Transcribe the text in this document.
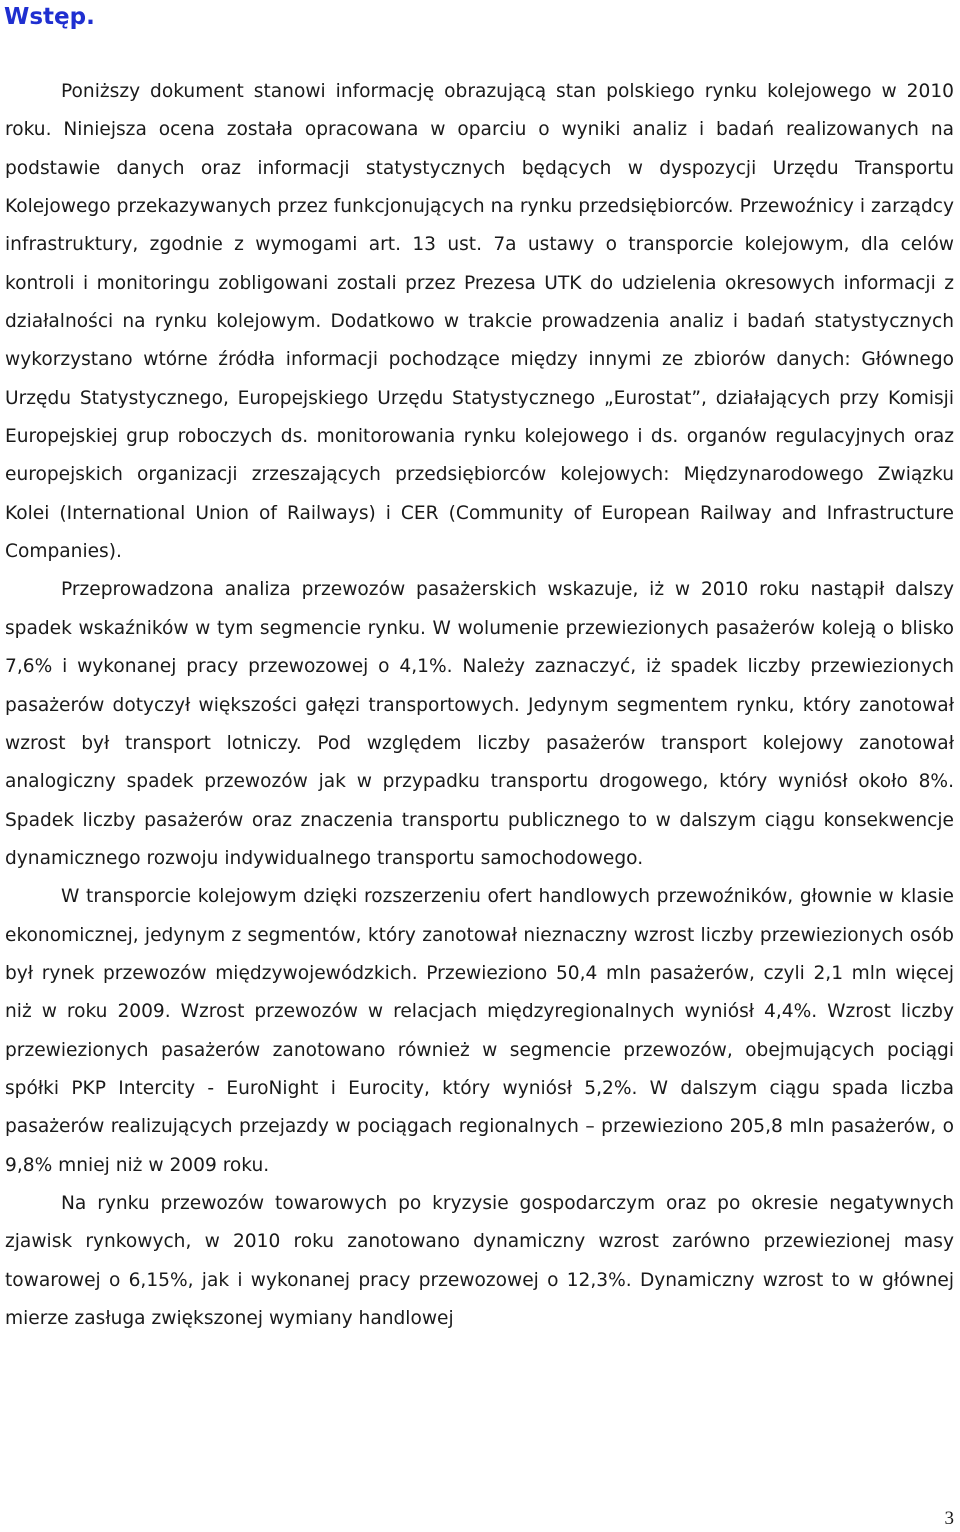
Wstęp.

Poniższy dokument stanowi informację obrazującą stan polskiego rynku kolejowego w 2010 roku. Niniejsza ocena została opracowana w oparciu o wyniki analiz i badań realizowanych na podstawie danych oraz informacji statystycznych będących w dyspozycji Urzędu Transportu Kolejowego przekazywanych przez funkcjonujących na rynku przedsiębiorców. Przewoźnicy i zarządcy infrastruktury, zgodnie z wymogami art. 13 ust. 7a ustawy o transporcie kolejowym, dla celów kontroli i monitoringu zobligowani zostali przez Prezesa UTK do udzielenia okresowych informacji z działalności na rynku kolejowym. Dodatkowo w trakcie prowadzenia analiz i badań statystycznych wykorzystano wtórne źródła informacji pochodzące między innymi ze zbiorów danych: Głównego Urzędu Statystycznego, Europejskiego Urzędu Statystycznego „Eurostat”, działających przy Komisji Europejskiej grup roboczych ds. monitorowania rynku kolejowego i ds. organów regulacyjnych oraz europejskich organizacji zrzeszających przedsiębiorców kolejowych: Międzynarodowego Związku Kolei (International Union of Railways) i CER (Community of European Railway and Infrastructure Companies).

Przeprowadzona analiza przewozów pasażerskich wskazuje, iż w 2010 roku nastąpił dalszy spadek wskaźników w tym segmencie rynku. W wolumenie przewiezionych pasażerów koleją o blisko 7,6% i wykonanej pracy przewozowej o 4,1%. Należy zaznaczyć, iż spadek liczby przewiezionych pasażerów dotyczył większości gałęzi transportowych. Jedynym segmentem rynku, który zanotował wzrost był transport lotniczy. Pod względem liczby pasażerów transport kolejowy zanotował analogiczny spadek przewozów jak w przypadku transportu drogowego, który wyniósł około 8%. Spadek liczby pasażerów oraz znaczenia transportu publicznego to w dalszym ciągu konsekwencje dynamicznego rozwoju indywidualnego transportu samochodowego.

W transporcie kolejowym dzięki rozszerzeniu ofert handlowych przewoźników, głownie w klasie ekonomicznej, jedynym z segmentów, który zanotował nieznaczny wzrost liczby przewiezionych osób był rynek przewozów międzywojewódzkich. Przewieziono 50,4 mln pasażerów, czyli 2,1 mln więcej niż w roku 2009. Wzrost przewozów w relacjach międzyregionalnych wyniósł 4,4%. Wzrost liczby przewiezionych pasażerów zanotowano również w segmencie przewozów, obejmujących pociągi spółki PKP Intercity - EuroNight i Eurocity, który wyniósł 5,2%. W dalszym ciągu spada liczba pasażerów realizujących przejazdy w pociągach regionalnych – przewieziono 205,8 mln pasażerów, o 9,8% mniej niż w 2009 roku.

Na rynku przewozów towarowych po kryzysie gospodarczym oraz po okresie negatywnych zjawisk rynkowych, w 2010 roku zanotowano dynamiczny wzrost zarówno przewiezionej masy towarowej o 6,15%, jak i wykonanej pracy przewozowej o 12,3%. Dynamiczny wzrost to w głównej mierze zasługa zwiększonej wymiany handlowej

3
